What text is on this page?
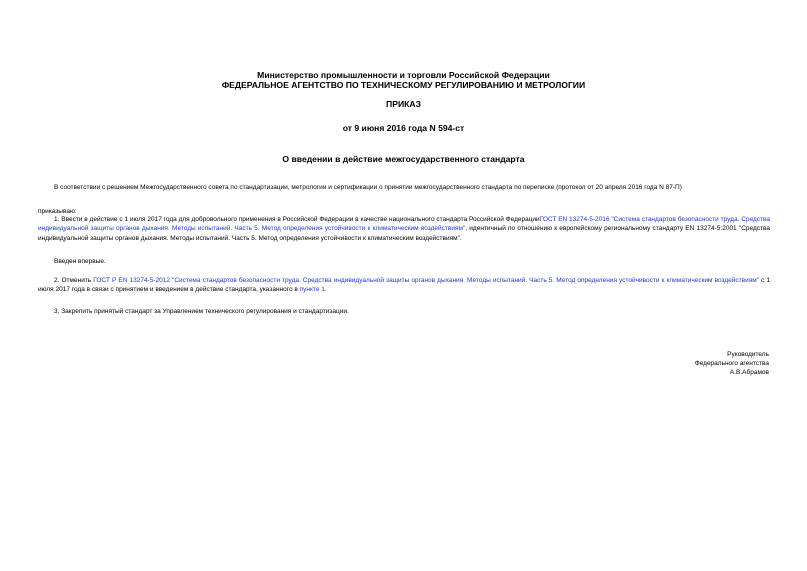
Министерство промышленности и торговли Российской Федерации
ФЕДЕРАЛЬНОЕ АГЕНТСТВО ПО ТЕХНИЧЕСКОМУ РЕГУЛИРОВАНИЮ И МЕТРОЛОГИИ
ПРИКАЗ
от 9 июня 2016 года N 594-ст
О введении в действие межгосударственного стандарта
В соответствии с решением Межгосударственного совета по стандартизации, метрологии и сертификации о принятии межгосударственного стандарта по переписке (протокол от 20 апреля 2016 года N 87-П)
приказываю:
1. Ввести в действие с 1 июля 2017 года для добровольного применения в Российской Федерации в качестве национального стандарта Российской ФедерацииГОСТ EN 13274-5-2016 "Система стандартов безопасности труда. Средства индивидуальной защиты органов дыхания. Методы испытаний. Часть 5. Метод определения устойчивости к климатическим воздействиям", идентичный по отношению к европейскому региональному стандарту EN 13274-5:2001 "Средства индивидуальной защиты органов дыхания. Методы испытаний. Часть 5. Метод определения устойчивости к климатическим воздействиям".
Введен впервые.
2. Отменить ГОСТ Р EN 13274-5-2012 "Система стандартов безопасности труда. Средства индивидуальной защиты органов дыхания. Методы испытаний. Часть 5. Метод определения устойчивости к климатическим воздействиям" с 1 июля 2017 года в связи с принятием и введением в действие стандарта, указанного в пункте 1.
3. Закрепить принятый стандарт за Управлением технического регулирования и стандартизации.
Руководитель
Федерального агентства
А.В.Абрамов
